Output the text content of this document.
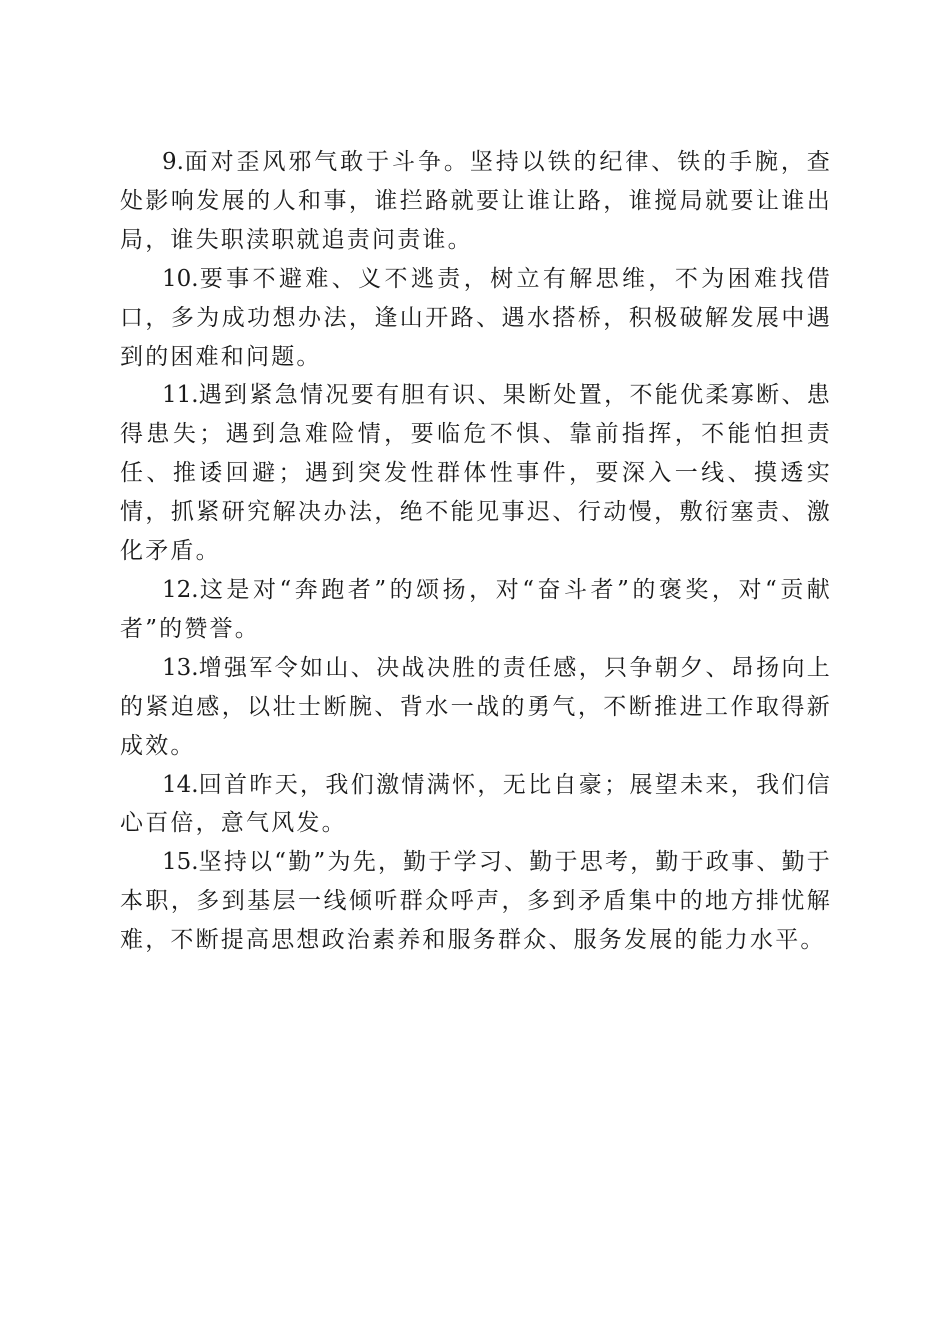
9.面对歪风邪气敢于斗争。坚持以铁的纪律、铁的手腕，查处影响发展的人和事，谁拦路就要让谁让路，谁搅局就要让谁出局，谁失职渎职就追责问责谁。

10.要事不避难、义不逃责，树立有解思维，不为困难找借口，多为成功想办法，逢山开路、遇水搭桥，积极破解发展中遇到的困难和问题。

11.遇到紧急情况要有胆有识、果断处置，不能优柔寡断、患得患失；遇到急难险情，要临危不惧、靠前指挥，不能怕担责任、推诿回避；遇到突发性群体性事件，要深入一线、摸透实情，抓紧研究解决办法，绝不能见事迟、行动慢，敷衍塞责、激化矛盾。

12.这是对“奔跑者”的颂扬，对“奋斗者”的褒奖，对“贡献者”的赞誉。

13.增强军令如山、决战决胜的责任感，只争朝夕、昂扬向上的紧迫感，以壮士断腕、背水一战的勇气，不断推进工作取得新成效。

14.回首昨天，我们激情满怀，无比自豪；展望未来，我们信心百倍，意气风发。

15.坚持以“勤”为先，勤于学习、勤于思考，勤于政事、勤于本职，多到基层一线倾听群众呼声，多到矛盾集中的地方排忧解难，不断提高思想政治素养和服务群众、服务发展的能力水平。
